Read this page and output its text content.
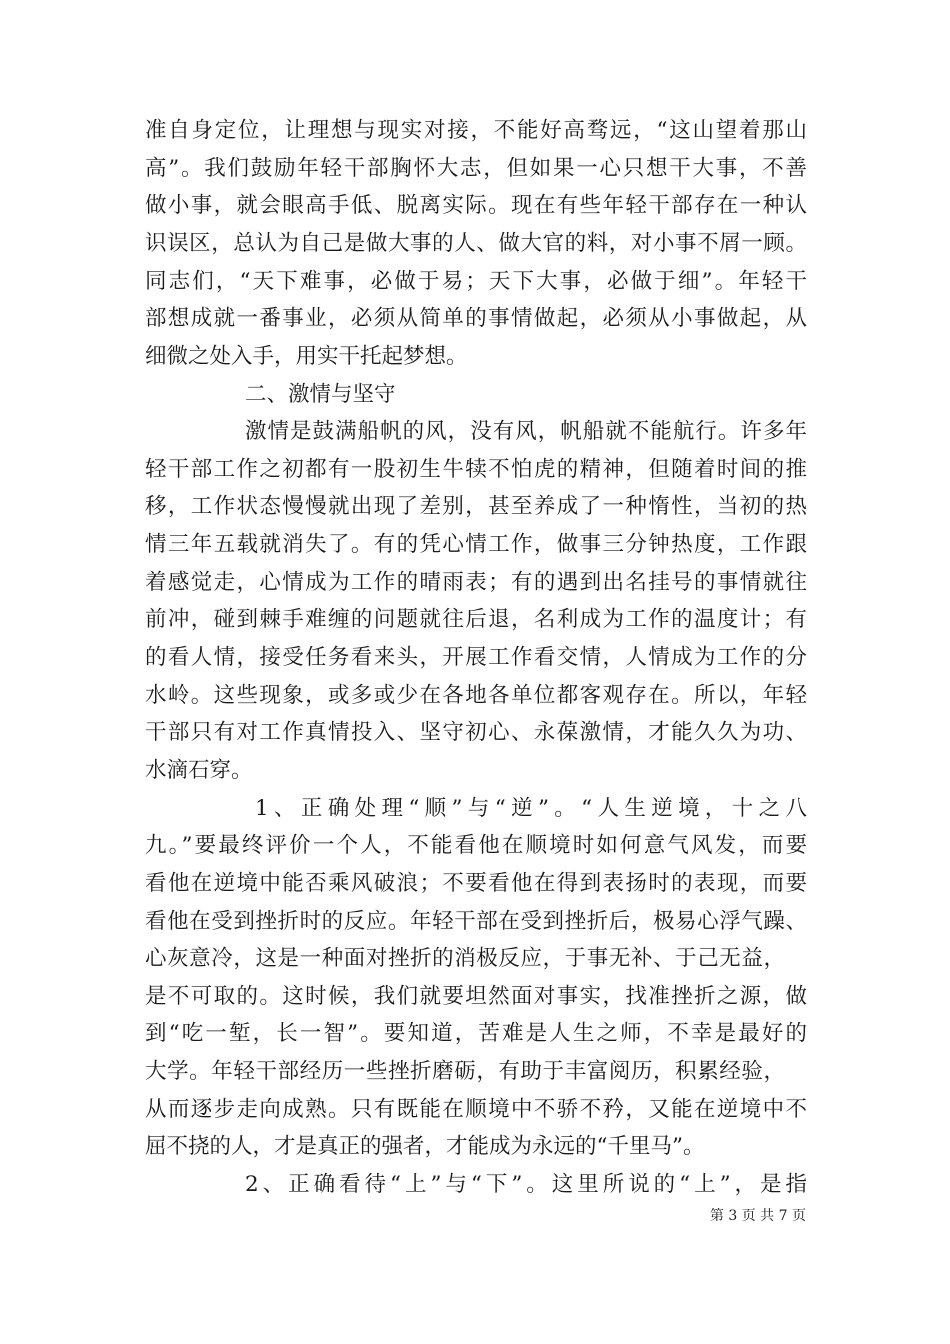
准自身定位，让理想与现实对接，不能好高骛远，“这山望着那山
高”。我们鼓励年轻干部胸怀大志，但如果一心只想干大事，不善
做小事，就会眼高手低、脱离实际。现在有些年轻干部存在一种认
识误区，总认为自己是做大事的人、做大官的料，对小事不屑一顾。
同志们，“天下难事，必做于易；天下大事，必做于细”。年轻干
部想成就一番事业，必须从简单的事情做起，必须从小事做起，从
细微之处入手，用实干托起梦想。
二、激情与坚守
激情是鼓满船帆的风，没有风，帆船就不能航行。许多年
轻干部工作之初都有一股初生牛犊不怕虎的精神，但随着时间的推
移，工作状态慢慢就出现了差别，甚至养成了一种惰性，当初的热
情三年五载就消失了。有的凭心情工作，做事三分钟热度，工作跟
着感觉走，心情成为工作的晴雨表；有的遇到出名挂号的事情就往
前冲，碰到棘手难缠的问题就往后退，名利成为工作的温度计；有
的看人情，接受任务看来头，开展工作看交情，人情成为工作的分
水岭。这些现象，或多或少在各地各单位都客观存在。所以，年轻
干部只有对工作真情投入、坚守初心、永葆激情，才能久久为功、
水滴石穿。
1、正确处理“顺”与“逆”。“人生逆境，十之八
九。”要最终评价一个人，不能看他在顺境时如何意气风发，而要
看他在逆境中能否乘风破浪；不要看他在得到表扬时的表现，而要
看他在受到挫折时的反应。年轻干部在受到挫折后，极易心浮气躁、
心灰意冷，这是一种面对挫折的消极反应，于事无补、于己无益，
是不可取的。这时候，我们就要坦然面对事实，找准挫折之源，做
到“吃一堑，长一智”。要知道，苦难是人生之师，不幸是最好的
大学。年轻干部经历一些挫折磨砺，有助于丰富阅历，积累经验，
从而逐步走向成熟。只有既能在顺境中不骄不矜，又能在逆境中不
屈不挠的人，才是真正的强者，才能成为永远的“千里马”。
2、正确看待“上”与“下”。这里所说的“上”，是指
第 3 页 共 7 页
